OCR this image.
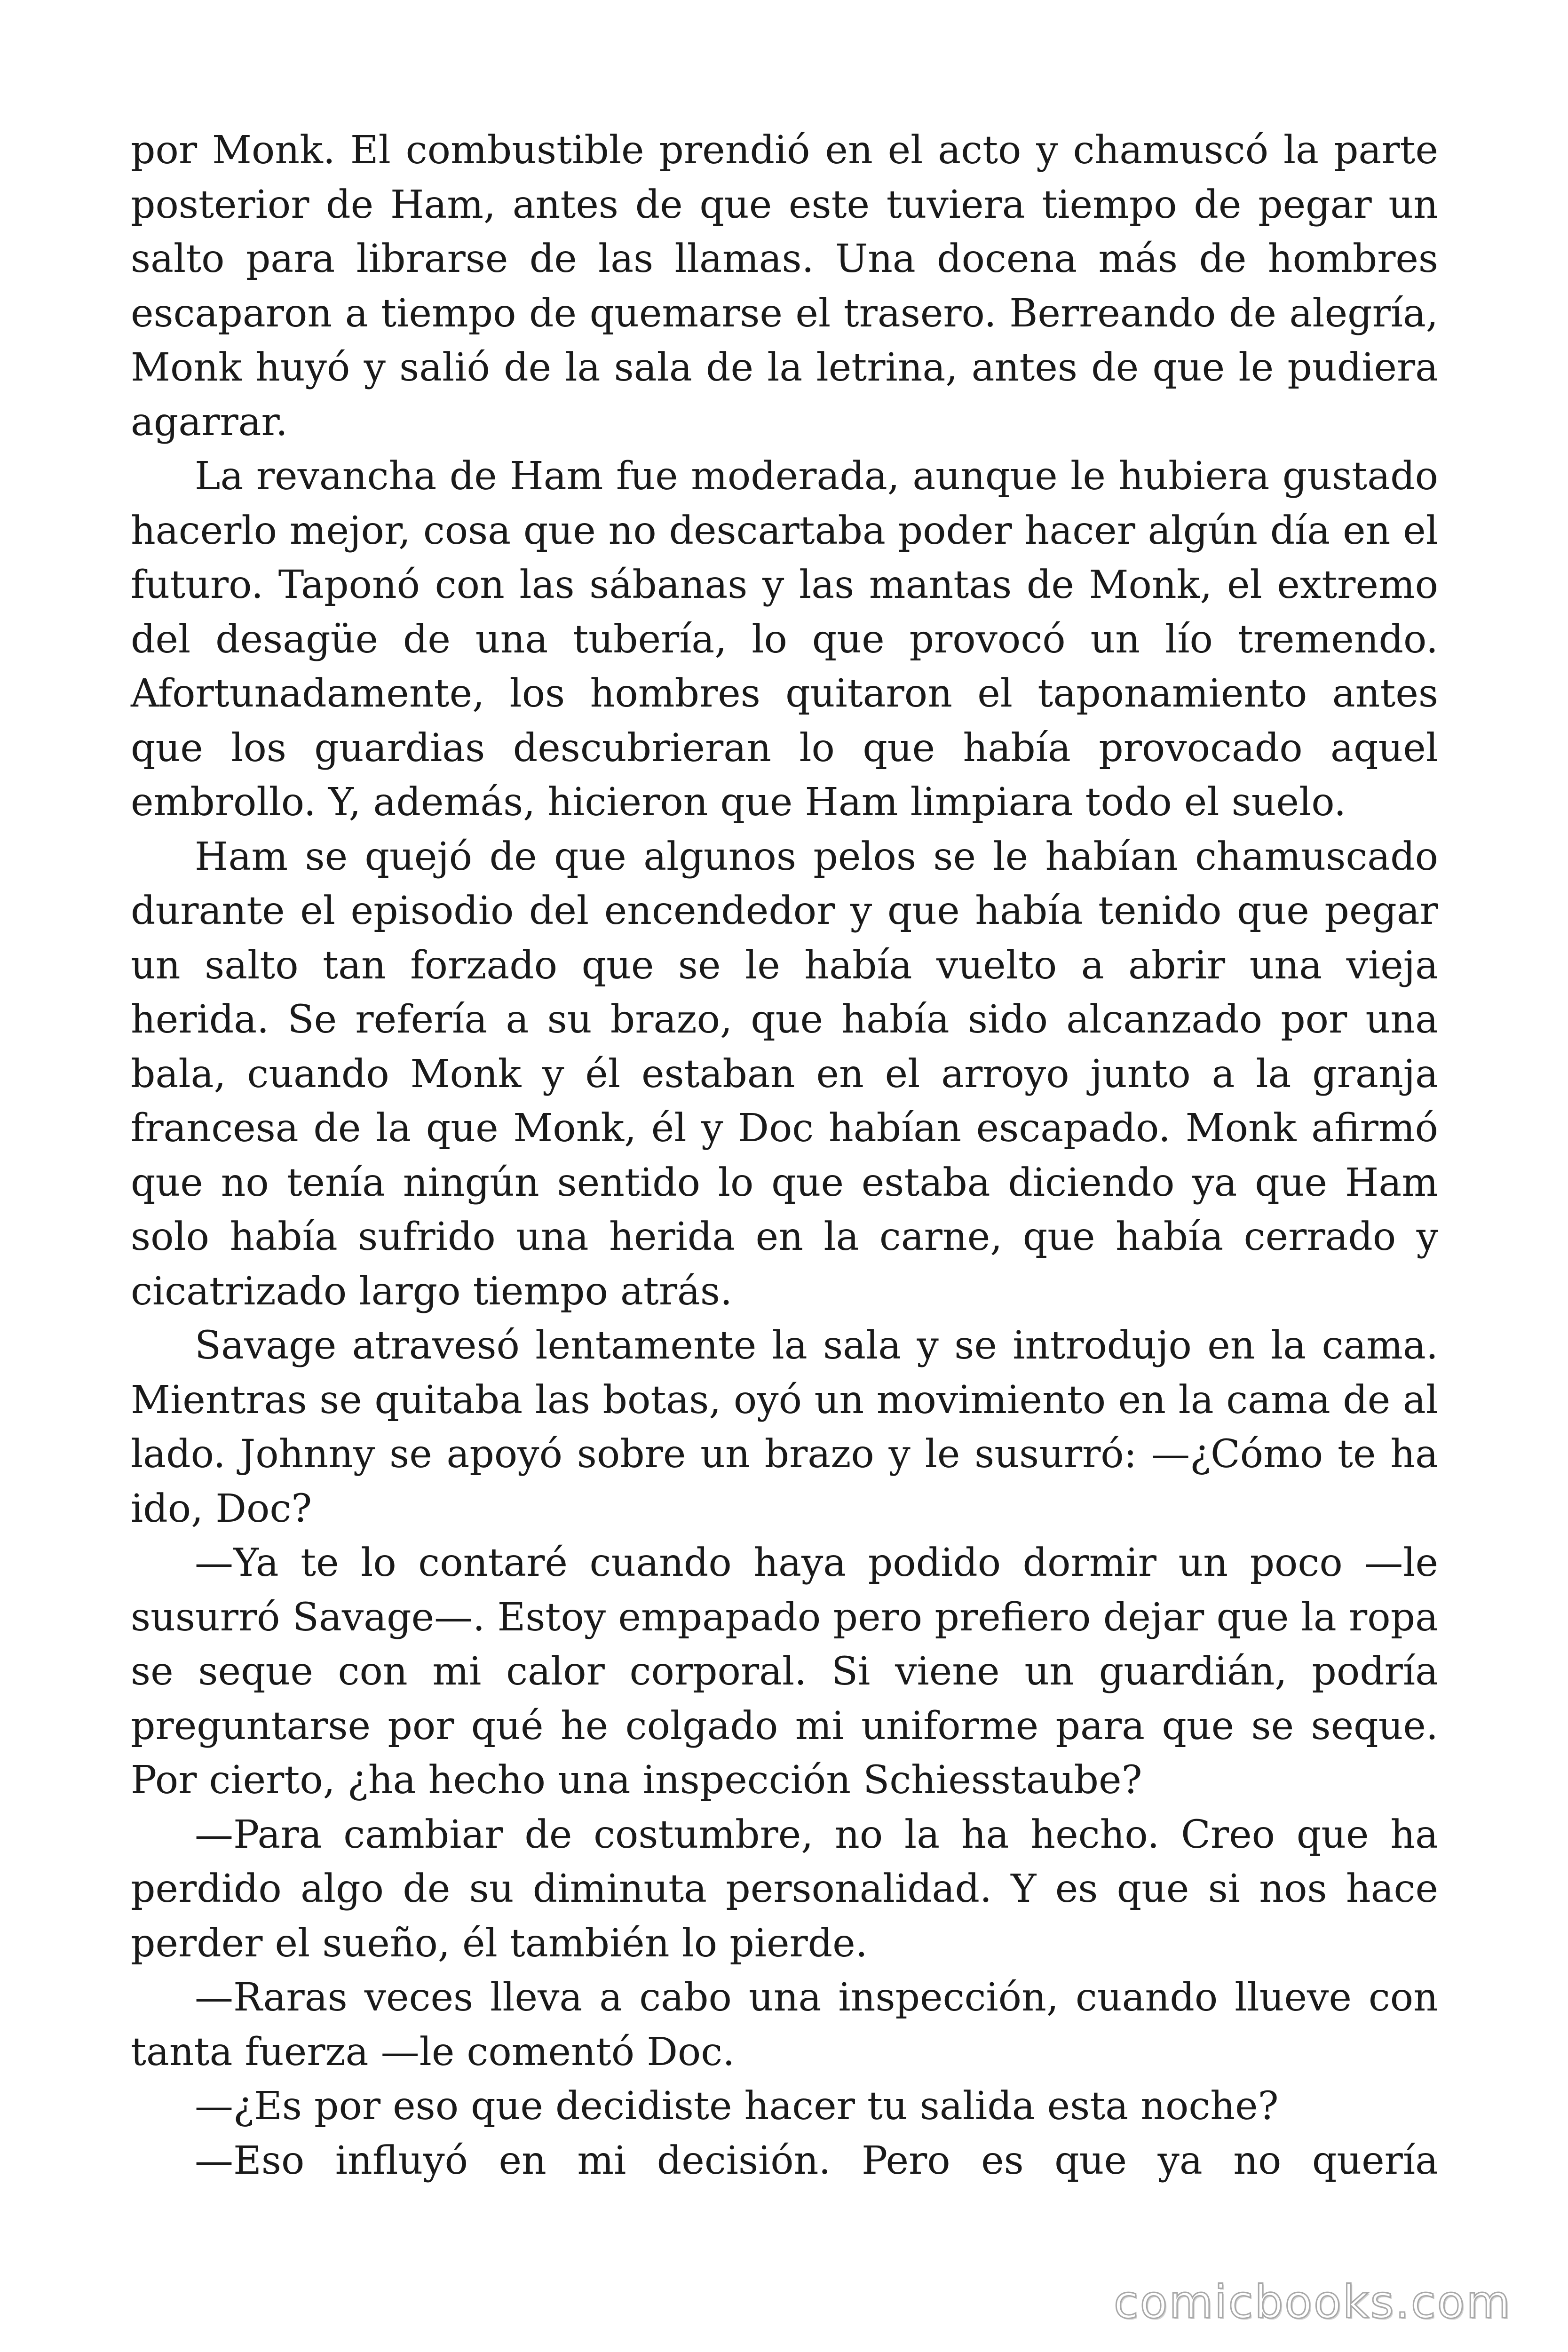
por Monk. El combustible prendió en el acto y chamuscó la parte posterior de Ham, antes de que este tuviera tiempo de pegar un salto para librarse de las llamas. Una docena más de hombres escaparon a tiempo de quemarse el trasero. Berreando de alegría, Monk huyó y salió de la sala de la letrina, antes de que le pudiera agarrar.

La revancha de Ham fue moderada, aunque le hubiera gustado hacerlo mejor, cosa que no descartaba poder hacer algún día en el futuro. Taponó con las sábanas y las mantas de Monk, el extremo del desagüe de una tubería, lo que provocó un lío tremendo. Afortunadamente, los hombres quitaron el taponamiento antes que los guardias descubrieran lo que había provocado aquel embrollo. Y, además, hicieron que Ham limpiara todo el suelo.

Ham se quejó de que algunos pelos se le habían chamuscado durante el episodio del encendedor y que había tenido que pegar un salto tan forzado que se le había vuelto a abrir una vieja herida. Se refería a su brazo, que había sido alcanzado por una bala, cuando Monk y él estaban en el arroyo junto a la granja francesa de la que Monk, él y Doc habían escapado. Monk afirmó que no tenía ningún sentido lo que estaba diciendo ya que Ham solo había sufrido una herida en la carne, que había cerrado y cicatrizado largo tiempo atrás.

Savage atravesó lentamente la sala y se introdujo en la cama. Mientras se quitaba las botas, oyó un movimiento en la cama de al lado. Johnny se apoyó sobre un brazo y le susurró: —¿Cómo te ha ido, Doc?

—Ya te lo contaré cuando haya podido dormir un poco —le susurró Savage—. Estoy empapado pero prefiero dejar que la ropa se seque con mi calor corporal. Si viene un guardián, podría preguntarse por qué he colgado mi uniforme para que se seque. Por cierto, ¿ha hecho una inspección Schiesstaube?

—Para cambiar de costumbre, no la ha hecho. Creo que ha perdido algo de su diminuta personalidad. Y es que si nos hace perder el sueño, él también lo pierde.

—Raras veces lleva a cabo una inspección, cuando llueve con tanta fuerza —le comentó Doc.

—¿Es por eso que decidiste hacer tu salida esta noche?

—Eso influyó en mi decisión. Pero es que ya no quería

comicbooks.com
